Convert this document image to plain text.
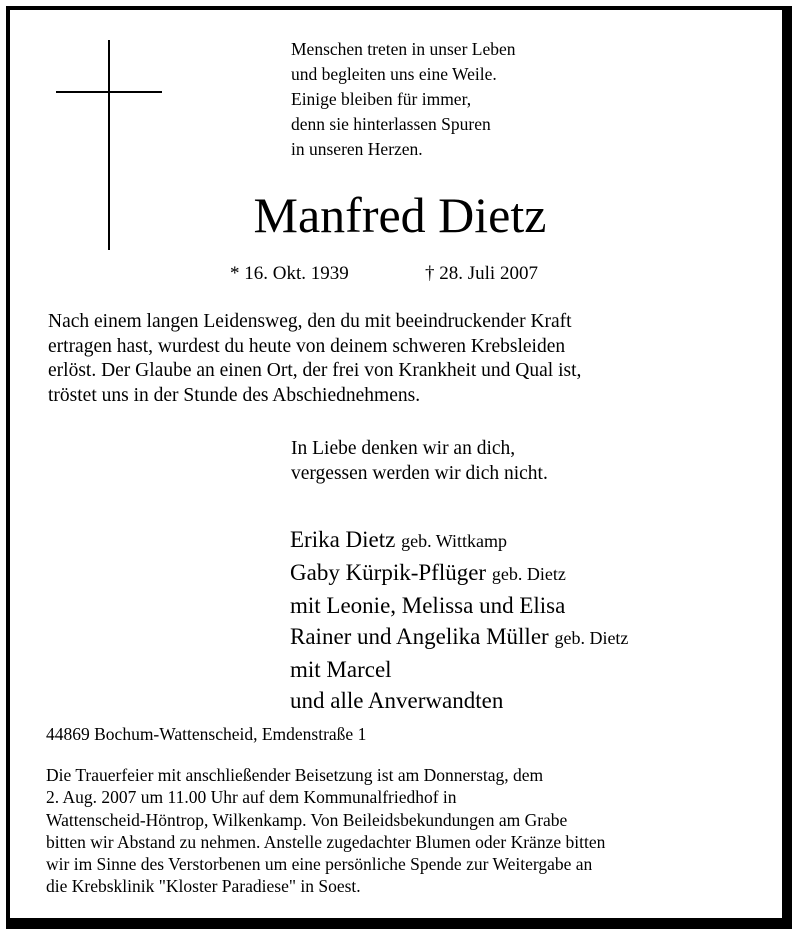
Menschen treten in unser Leben
und begleiten uns eine Weile.
Einige bleiben für immer,
denn sie hinterlassen Spuren
in unseren Herzen.
Manfred Dietz
* 16. Okt. 1939	† 28. Juli 2007
Nach einem langen Leidensweg, den du mit beeindruckender Kraft
ertragen hast, wurdest du heute von deinem schweren Krebsleiden
erlöst. Der Glaube an einen Ort, der frei von Krankheit und Qual ist,
tröstet uns in der Stunde des Abschiednehmens.
In Liebe denken wir an dich,
vergessen werden wir dich nicht.
Erika Dietz geb. Wittkamp
Gaby Kürpik-Pflüger geb. Dietz
mit Leonie, Melissa und Elisa
Rainer und Angelika Müller geb. Dietz
mit Marcel
und alle Anverwandten
44869 Bochum-Wattenscheid, Emdenstraße 1
Die Trauerfeier mit anschließender Beisetzung ist am Donnerstag, dem
2. Aug. 2007 um 11.00 Uhr auf dem Kommunalfriedhof in
Wattenscheid-Höntrop, Wilkenkamp. Von Beileidsbekundungen am Grabe
bitten wir Abstand zu nehmen. Anstelle zugedachter Blumen oder Kränze bitten
wir im Sinne des Verstorbenen um eine persönliche Spende zur Weitergabe an
die Krebsklinik "Kloster Paradiese" in Soest.
